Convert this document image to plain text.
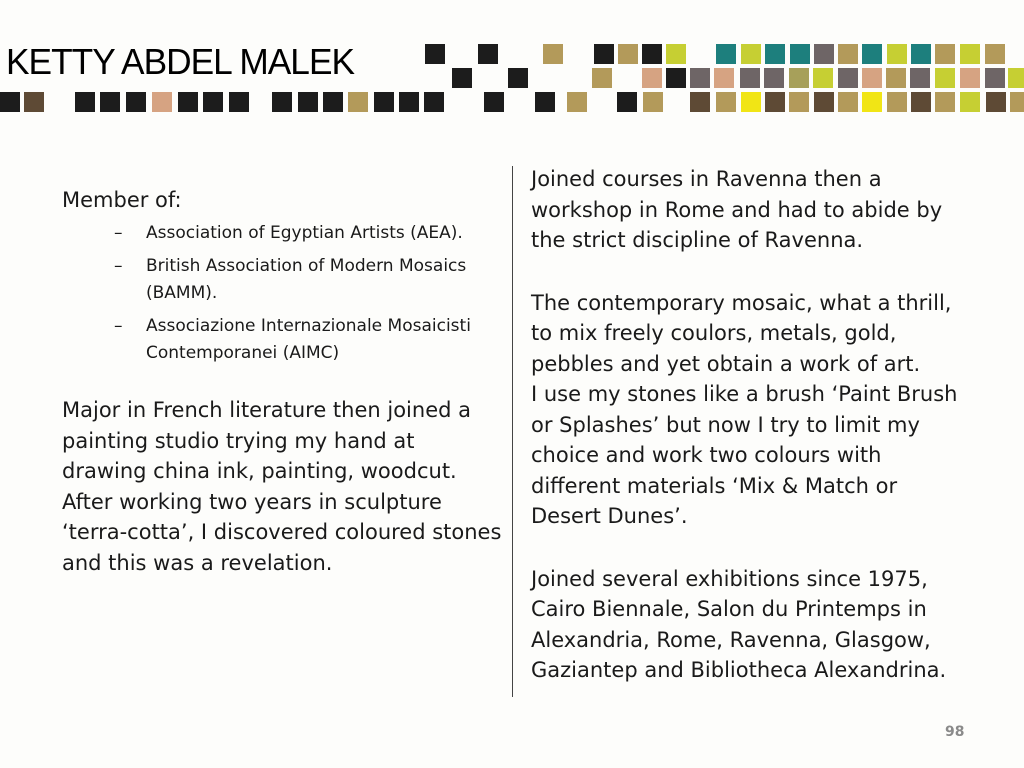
KETTY ABDEL MALEK

Member of:

– Association of Egyptian Artists (AEA).
– British Association of Modern Mosaics (BAMM).
– Associazione Internazionale Mosaicisti Contemporanei (AIMC)

Major in French literature then joined a painting studio trying my hand at drawing china ink, painting, woodcut. After working two years in sculpture ‘terra-cotta’, I discovered coloured stones and this was a revelation.

Joined courses in Ravenna then a workshop in Rome and had to abide by the strict discipline of Ravenna.

The contemporary mosaic, what a thrill, to mix freely coulors, metals, gold, pebbles and yet obtain a work of art.

I use my stones like a brush ‘Paint Brush or Splashes’ but now I try to limit my choice and work two colours with different materials ‘Mix & Match or Desert Dunes’.

Joined several exhibitions since 1975, Cairo Biennale, Salon du Printemps in Alexandria, Rome, Ravenna, Glasgow, Gaziantep and Bibliotheca Alexandrina.

98
